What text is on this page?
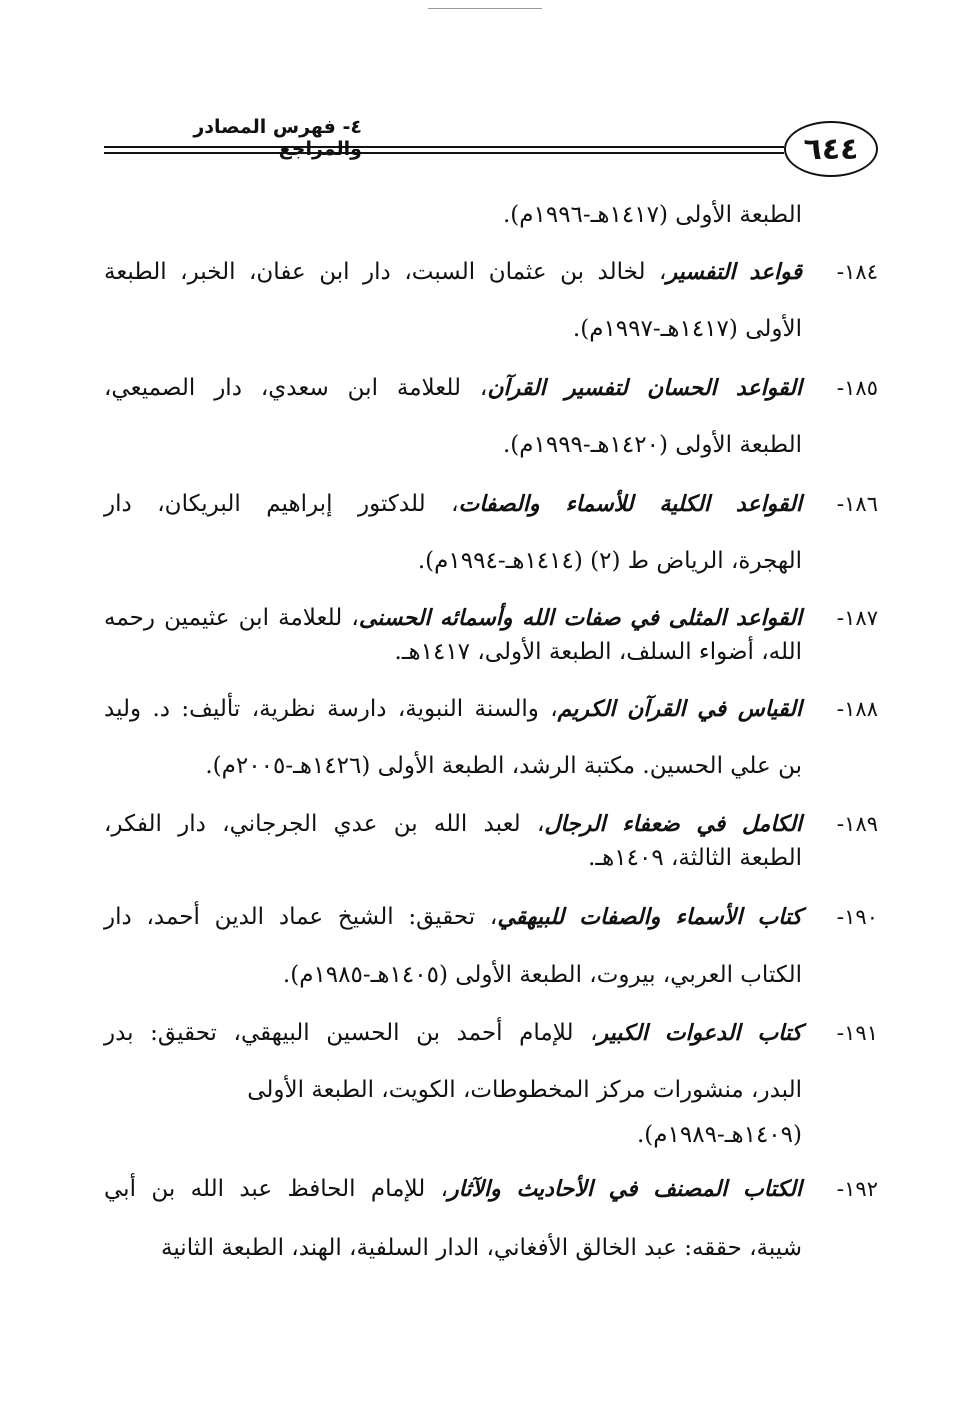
٦٤٤
٤- فهرس المصادر والمراجع
الطبعة الأولى (١٤١٧هـ-١٩٩٦م).
١٨٤-قواعد التفسير، لخالد بن عثمان السبت، دار ابن عفان، الخبر، الطبعة
الأولى (١٤١٧هـ-١٩٩٧م).
١٨٥-القواعد الحسان لتفسير القرآن، للعلامة ابن سعدي، دار الصميعي،
الطبعة الأولى (١٤٢٠هـ-١٩٩٩م).
١٨٦-القواعد الكلية للأسماء والصفات، للدكتور إبراهيم البريكان، دار
الهجرة، الرياض ط (٢) (١٤١٤هـ-١٩٩٤م).
١٨٧-القواعد المثلى في صفات الله وأسمائه الحسنى، للعلامة ابن عثيمين رحمه
الله، أضواء السلف، الطبعة الأولى، ١٤١٧هـ.
١٨٨-القياس في القرآن الكريم، والسنة النبوية، دارسة نظرية، تأليف: د. وليد
بن علي الحسين. مكتبة الرشد، الطبعة الأولى (١٤٢٦هـ-٢٠٠٥م).
١٨٩-الكامل في ضعفاء الرجال، لعبد الله بن عدي الجرجاني، دار الفكر،
الطبعة الثالثة، ١٤٠٩هـ.
١٩٠-كتاب الأسماء والصفات للبيهقي، تحقيق: الشيخ عماد الدين أحمد، دار
الكتاب العربي، بيروت، الطبعة الأولى (١٤٠٥هـ-١٩٨٥م).
١٩١-كتاب الدعوات الكبير، للإمام أحمد بن الحسين البيهقي، تحقيق: بدر
البدر، منشورات مركز المخطوطات، الكويت، الطبعة الأولى
(١٤٠٩هـ-١٩٨٩م).
١٩٢-الكتاب المصنف في الأحاديث والآثار، للإمام الحافظ عبد الله بن أبي
شيبة، حققه: عبد الخالق الأفغاني، الدار السلفية، الهند، الطبعة الثانية
